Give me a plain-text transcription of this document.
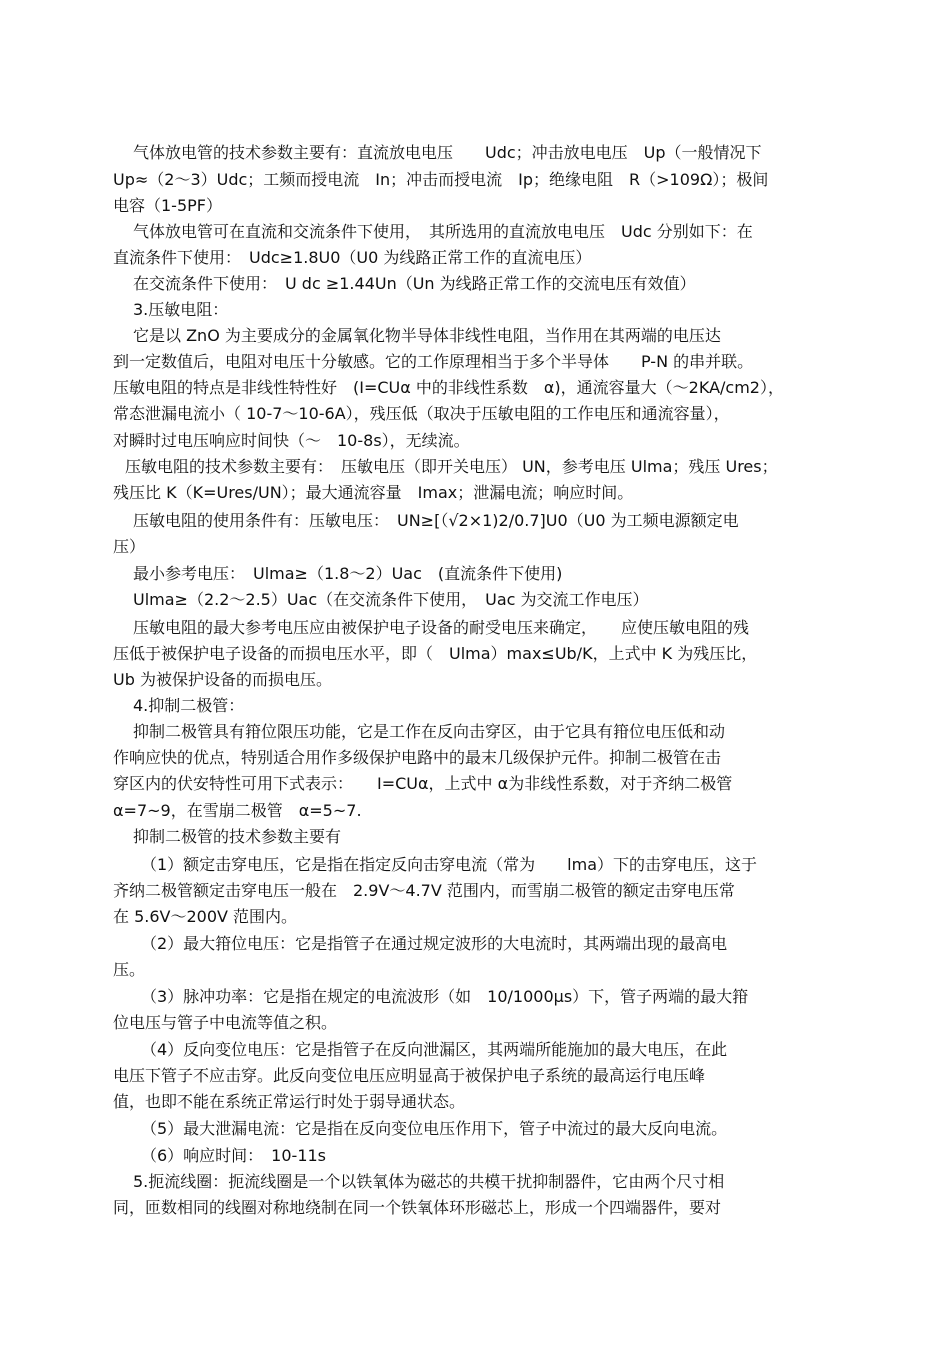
气体放电管的技术参数主要有：直流放电电压　　Udc；冲击放电电压　Up（一般情况下
Up≈（2～3）Udc；工频而授电流　In；冲击而授电流　Ip；绝缘电阻　R（>109Ω）；极间
电容（1-5PF）
气体放电管可在直流和交流条件下使用，　其所选用的直流放电电压　Udc 分别如下：在
直流条件下使用：　Udc≥1.8U0（U0 为线路正常工作的直流电压）
在交流条件下使用：　U dc ≥1.44Un（Un 为线路正常工作的交流电压有效值）
3.压敏电阻：
它是以 ZnO 为主要成分的金属氧化物半导体非线性电阻，当作用在其两端的电压达
到一定数值后，电阻对电压十分敏感。它的工作原理相当于多个半导体　　P-N 的串并联。
压敏电阻的特点是非线性特性好　(I=CUα 中的非线性系数　α)，通流容量大（～2KA/cm2），
常态泄漏电流小（ 10-7～10-6A），残压低（取决于压敏电阻的工作电压和通流容量），
对瞬时过电压响应时间快（～　10-8s），无续流。
压敏电阻的技术参数主要有：　压敏电压（即开关电压） UN，参考电压 Ulma；残压 Ures；
残压比 K（K=Ures/UN）；最大通流容量　Imax；泄漏电流；响应时间。
压敏电阻的使用条件有：压敏电压：　UN≥[（√2×1)2/0.7]U0（U0 为工频电源额定电
压）
最小参考电压：　Ulma≥（1.8～2）Uac　(直流条件下使用)
Ulma≥（2.2～2.5）Uac（在交流条件下使用，　Uac 为交流工作电压）
压敏电阻的最大参考电压应由被保护电子设备的耐受电压来确定，　　应使压敏电阻的残
压低于被保护电子设备的而损电压水平，即（　Ulma）max≤Ub/K，上式中 K 为残压比，
Ub 为被保护设备的而损电压。
4.抑制二极管：
抑制二极管具有箝位限压功能，它是工作在反向击穿区，由于它具有箝位电压低和动
作响应快的优点，特别适合用作多级保护电路中的最末几级保护元件。抑制二极管在击
穿区内的伏安特性可用下式表示：　　I=CUα，上式中 α为非线性系数，对于齐纳二极管
α=7~9，在雪崩二极管　α=5~7.
抑制二极管的技术参数主要有
（1）额定击穿电压，它是指在指定反向击穿电流（常为　　lma）下的击穿电压，这于
齐纳二极管额定击穿电压一般在　2.9V～4.7V 范围内，而雪崩二极管的额定击穿电压常
在 5.6V～200V 范围内。
（2）最大箝位电压：它是指管子在通过规定波形的大电流时，其两端出现的最高电
压。
（3）脉冲功率：它是指在规定的电流波形（如　10/1000μs）下，管子两端的最大箝
位电压与管子中电流等值之积。
（4）反向变位电压：它是指管子在反向泄漏区，其两端所能施加的最大电压，在此
电压下管子不应击穿。此反向变位电压应明显高于被保护电子系统的最高运行电压峰
值，也即不能在系统正常运行时处于弱导通状态。
（5）最大泄漏电流：它是指在反向变位电压作用下，管子中流过的最大反向电流。
（6）响应时间：　10-11s
5.扼流线圈：扼流线圈是一个以铁氧体为磁芯的共模干扰抑制器件，它由两个尺寸相
同，匝数相同的线圈对称地绕制在同一个铁氧体环形磁芯上，形成一个四端器件，要对
